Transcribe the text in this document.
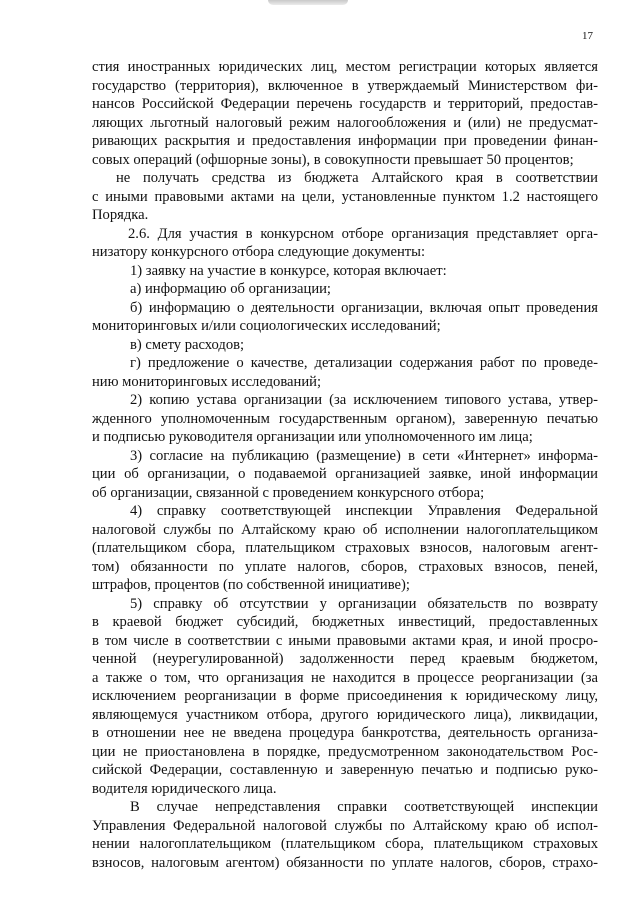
17

стия иностранных юридических лиц, местом регистрации которых является
государство (территория), включенное в утверждаемый Министерством фи-
нансов Российской Федерации перечень государств и территорий, предостав-
ляющих льготный налоговый режим налогообложения и (или) не предусмат-
ривающих раскрытия и предоставления информации при проведении финан-
совых операций (офшорные зоны), в совокупности превышает 50 процентов;

не получать средства из бюджета Алтайского края в соответствии
с иными правовыми актами на цели, установленные пунктом 1.2 настоящего
Порядка.

2.6. Для участия в конкурсном отборе организация представляет орга-
низатору конкурсного отбора следующие документы:

1) заявку на участие в конкурсе, которая включает:

а) информацию об организации;

б) информацию о деятельности организации, включая опыт проведения
мониторинговых и/или социологических исследований;

в) смету расходов;

г) предложение о качестве, детализации содержания работ по проведе-
нию мониторинговых исследований;

2) копию устава организации (за исключением типового устава, утвер-
жденного уполномоченным государственным органом), заверенную печатью
и подписью руководителя организации или уполномоченного им лица;

3) согласие на публикацию (размещение) в сети «Интернет» информа-
ции об организации, о подаваемой организацией заявке, иной информации
об организации, связанной с проведением конкурсного отбора;

4) справку соответствующей инспекции Управления Федеральной
налоговой службы по Алтайскому краю об исполнении налогоплательщиком
(плательщиком сбора, плательщиком страховых взносов, налоговым агент-
том) обязанности по уплате налогов, сборов, страховых взносов, пеней,
штрафов, процентов (по собственной инициативе);

5) справку об отсутствии у организации обязательств по возврату
в краевой бюджет субсидий, бюджетных инвестиций, предоставленных
в том числе в соответствии с иными правовыми актами края, и иной просро-
ченной (неурегулированной) задолженности перед краевым бюджетом,
а также о том, что организация не находится в процессе реорганизации (за
исключением реорганизации в форме присоединения к юридическому лицу,
являющемуся участником отбора, другого юридического лица), ликвидации,
в отношении нее не введена процедура банкротства, деятельность организа-
ции не приостановлена в порядке, предусмотренном законодательством Рос-
сийской Федерации, составленную и заверенную печатью и подписью руко-
водителя юридического лица.

В случае непредставления справки соответствующей инспекции
Управления Федеральной налоговой службы по Алтайскому краю об испол-
нении налогоплательщиком (плательщиком сбора, плательщиком страховых
взносов, налоговым агентом) обязанности по уплате налогов, сборов, страхо-
